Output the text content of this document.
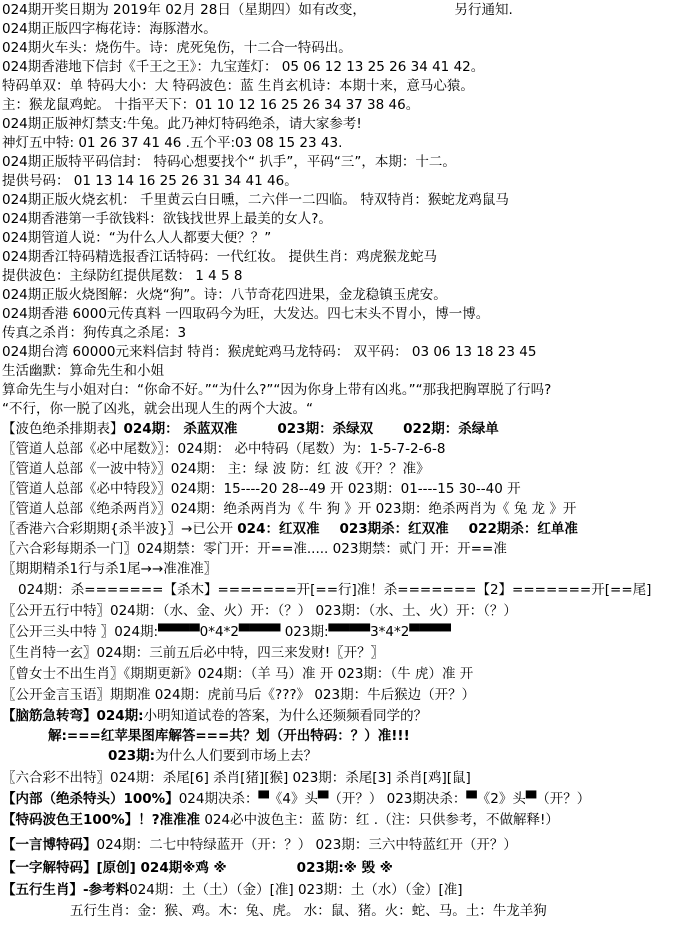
024期开奖日期为 2019年 02月 28日（星期四）如有改变，	另行通知.
024期正版四字梅花诗：海豚潜水。
024期火车头：烧伤牛。诗：虎死兔伤，十二合一特码出。
024期香港地下信封《千王之王》：九宝莲灯： 05 06 12 13 25 26 34 41 42。
特码单双：单 特码大小：大 特码波色：蓝 生肖玄机诗：本期十来，意马心猿。
主：猴龙鼠鸡蛇。 十指平天下：01 10 12 16 25 26 34 37 38 46。
024期正版神灯禁支:牛兔。此乃神灯特码绝杀，请大家参考!
神灯五中特: 01 26 37 41 46 .五个平:03 08 15 23 43.
024期正版特平码信封： 特码心想要找个“ 扒手”，平码“三”，本期：十二。
提供号码： 01 13 14 16 25 26 31 34 41 46。
024期正版火烧玄机： 千里黄云白日曛，二六伴一二四临。 特双特肖：猴蛇龙鸡鼠马
024期香港第一手欲钱料：欲钱找世界上最美的女人?。
024期管道人说：“为什么人人都要大便？？”
024期香江特码精选报香江话特码：一代红妆。 提供生肖：鸡虎猴龙蛇马
提供波色：主绿防红提供尾数： 1 4 5 8
024期正版火烧图解：火烧“狗”。诗：八节奇花四进果，金龙稳镇玉虎安。
024期香港 6000元传真料 一四取码今为旺，大发达。四七末头不胃小，博一博。
传真之杀肖：狗传真之杀尾：3
024期台湾 60000元来料信封 特肖：猴虎蛇鸡马龙特码： 双平码： 03 06 13 18 23 45
生活幽默：算命先生和小姐
算命先生与小姐对白：“你命不好。”“为什么?”“因为你身上带有凶兆。”“那我把胸罩脱了行吗?
“不行，你一脱了凶兆，就会出现人生的两个大波。“
【波色绝杀排期表】024期： 杀蓝双准	023期：杀绿双 022期：杀绿单
〖管道人总部《必中尾数》〗：024期： 必中特码（尾数）为：1-5-7-2-6-8
〖管道人总部《一波中特》〗024期： 主：绿 波 防：红 波《开？？准》
〖管道人总部《必中特段》〗024期：15----20 28--49 开 023期：01----15 30--40 开
〖管道人总部《绝杀两肖》〗024期：绝杀两肖为《 牛 狗 》开 023期：绝杀两肖为《 兔 龙 》开
〖香港六合彩期期{杀半波}〗→已公开 024：红双准 023期杀：红双准 022期杀：红单准
〖六合彩每期杀一门〗024期禁：零门开：开==准..... 023期禁：贰门 开：开==准
〖期期精杀1行与杀1尾→→准准准〗
024期：杀=======【杀木】=======开[==行]准！杀=======【2】=======开[==尾]
〖公开五行中特〗024期：（水、金、火）开：（？） 023期：（水、土、火）开：（？）
〖公开三头中特 〗024期:▀▀▀▀0*4*2▀▀▀▀ 023期:▀▀▀▀3*4*2▀▀▀▀
〖生肖特一玄〗024期：三前五后必中特，四三来发财!〖开？〗
〖曾女士不出生肖〗《期期更新》024期：（羊 马）准 开 023期：（牛 虎）准 开
〖公开金言玉语〗期期准 024期：虎前马后《???》 023期：牛后猴边（开？）
【脑筋急转弯】024期:小明知道试卷的答案，为什么还频频看同学的？
解:===红苹果图库解答===共？划（开出特码：？）准!!!
023期:为什么人们要到市场上去？
〖六合彩不出特〗024期：杀尾[6] 杀肖[猪][猴] 023期：杀尾[3] 杀肖[鸡][鼠]
【内部（绝杀特头）100%】024期决杀：▀《4》头▀（开？） 023期决杀：▀《2》头▀（开？）
【特码波色王100%】！?准准准 024必中波色主：蓝 防：红 .（注：只供参考，不做解释!）
【一言博特码】024期：二七中特绿蓝开（开：？） 023期：三六中特蓝红开（开？）
【一字解特码】[原创] 024期※鸡 ※	023期:※ 毁 ※
【五行生肖】-参考料024期：土（土）（金）[准] 023期：土（水）（金）[准]
五行生肖：金：猴、鸡。木：兔、虎。 水：鼠、猪。火：蛇、马。土：牛龙羊狗
